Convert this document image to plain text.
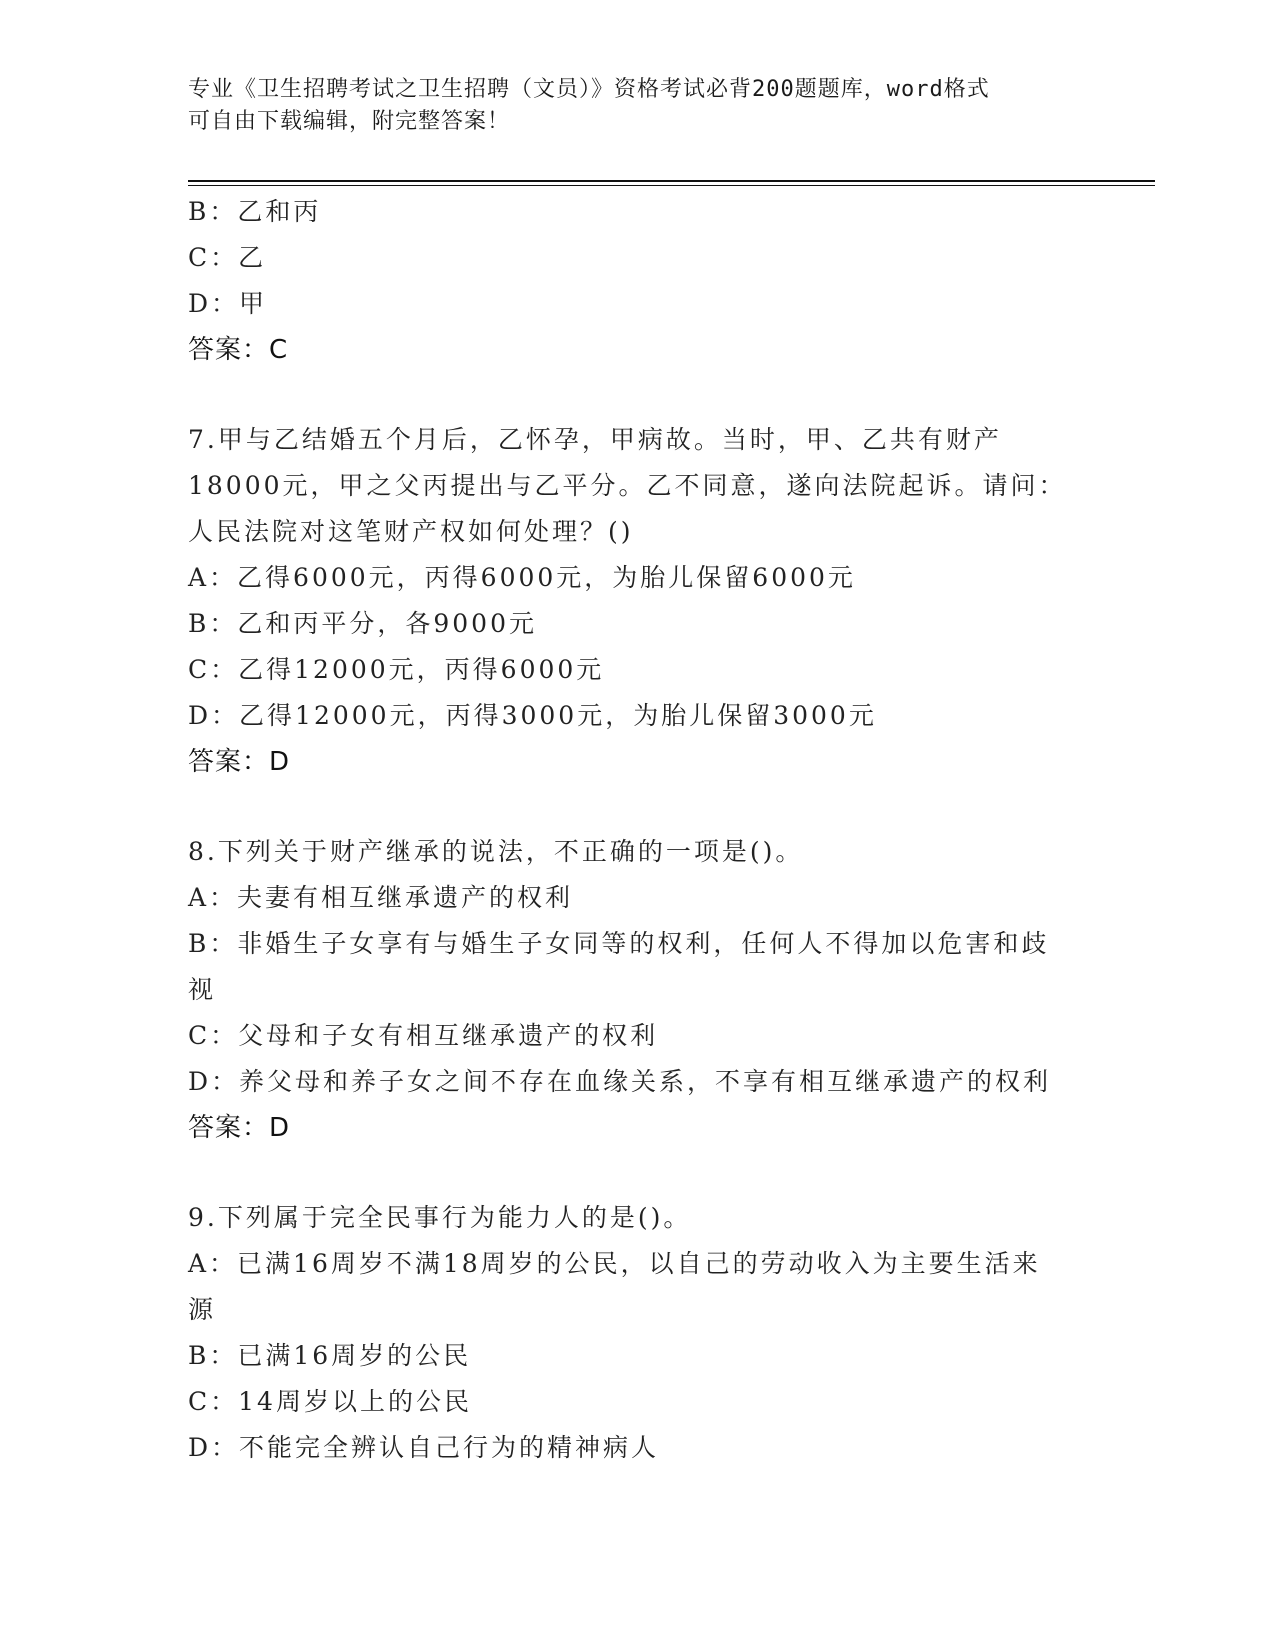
专业《卫生招聘考试之卫生招聘（文员）》资格考试必背200题题库，word格式
可自由下载编辑，附完整答案！
B：乙和丙
C：乙
D：甲
答案：C
7.甲与乙结婚五个月后，乙怀孕，甲病故。当时，甲、乙共有财产
18000元，甲之父丙提出与乙平分。乙不同意，遂向法院起诉。请问：
人民法院对这笔财产权如何处理？()
A：乙得6000元，丙得6000元，为胎儿保留6000元
B：乙和丙平分，各9000元
C：乙得12000元，丙得6000元
D：乙得12000元，丙得3000元，为胎儿保留3000元
答案：D
8.下列关于财产继承的说法，不正确的一项是()。
A：夫妻有相互继承遗产的权利
B：非婚生子女享有与婚生子女同等的权利，任何人不得加以危害和歧
视
C：父母和子女有相互继承遗产的权利
D：养父母和养子女之间不存在血缘关系，不享有相互继承遗产的权利
答案：D
9.下列属于完全民事行为能力人的是()。
A：已满16周岁不满18周岁的公民，以自己的劳动收入为主要生活来
源
B：已满16周岁的公民
C：14周岁以上的公民
D：不能完全辨认自己行为的精神病人
